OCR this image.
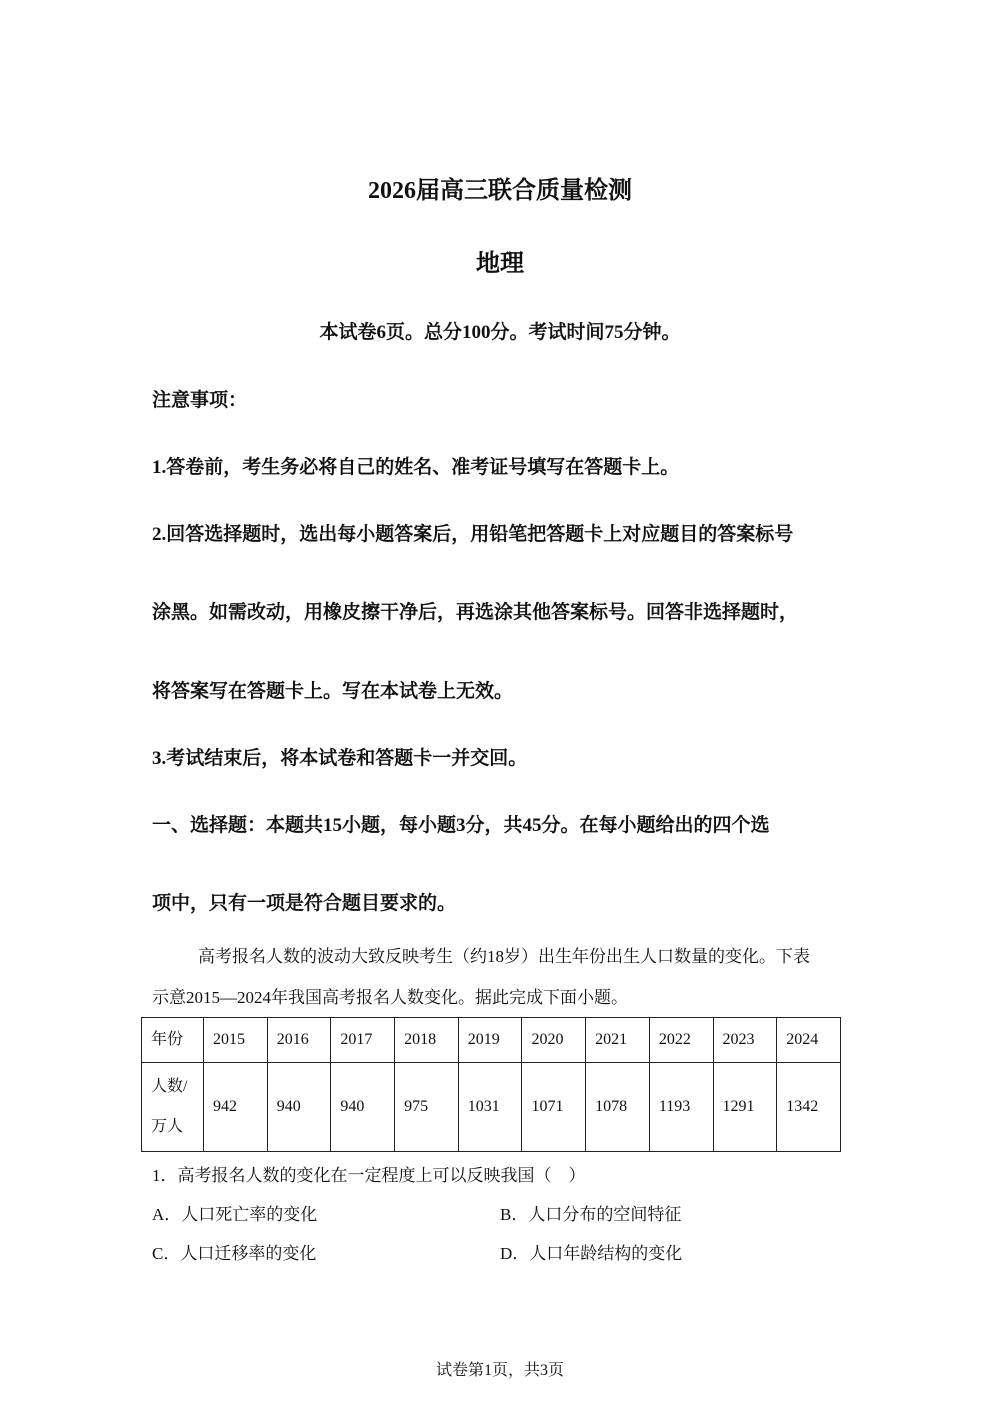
2026届高三联合质量检测
地理
本试卷6页。总分100分。考试时间75分钟。
注意事项：
1.答卷前，考生务必将自己的姓名、准考证号填写在答题卡上。
2.回答选择题时，选出每小题答案后，用铅笔把答题卡上对应题目的答案标号
涂黑。如需改动，用橡皮擦干净后，再选涂其他答案标号。回答非选择题时，
将答案写在答题卡上。写在本试卷上无效。
3.考试结束后，将本试卷和答题卡一并交回。
一、选择题：本题共15小题，每小题3分，共45分。在每小题给出的四个选
项中，只有一项是符合题目要求的。
高考报名人数的波动大致反映考生（约18岁）出生年份出生人口数量的变化。下表
示意2015—2024年我国高考报名人数变化。据此完成下面小题。
年份	2015	2016	2017	2018	2019	2020	2021	2022	2023	2024
人数/
万人	942	940	940	975	1031	1071	1078	1193	1291	1342
1．高考报名人数的变化在一定程度上可以反映我国（　）
A．人口死亡率的变化	B．人口分布的空间特征
C．人口迁移率的变化	D．人口年龄结构的变化
试卷第1页，共3页
